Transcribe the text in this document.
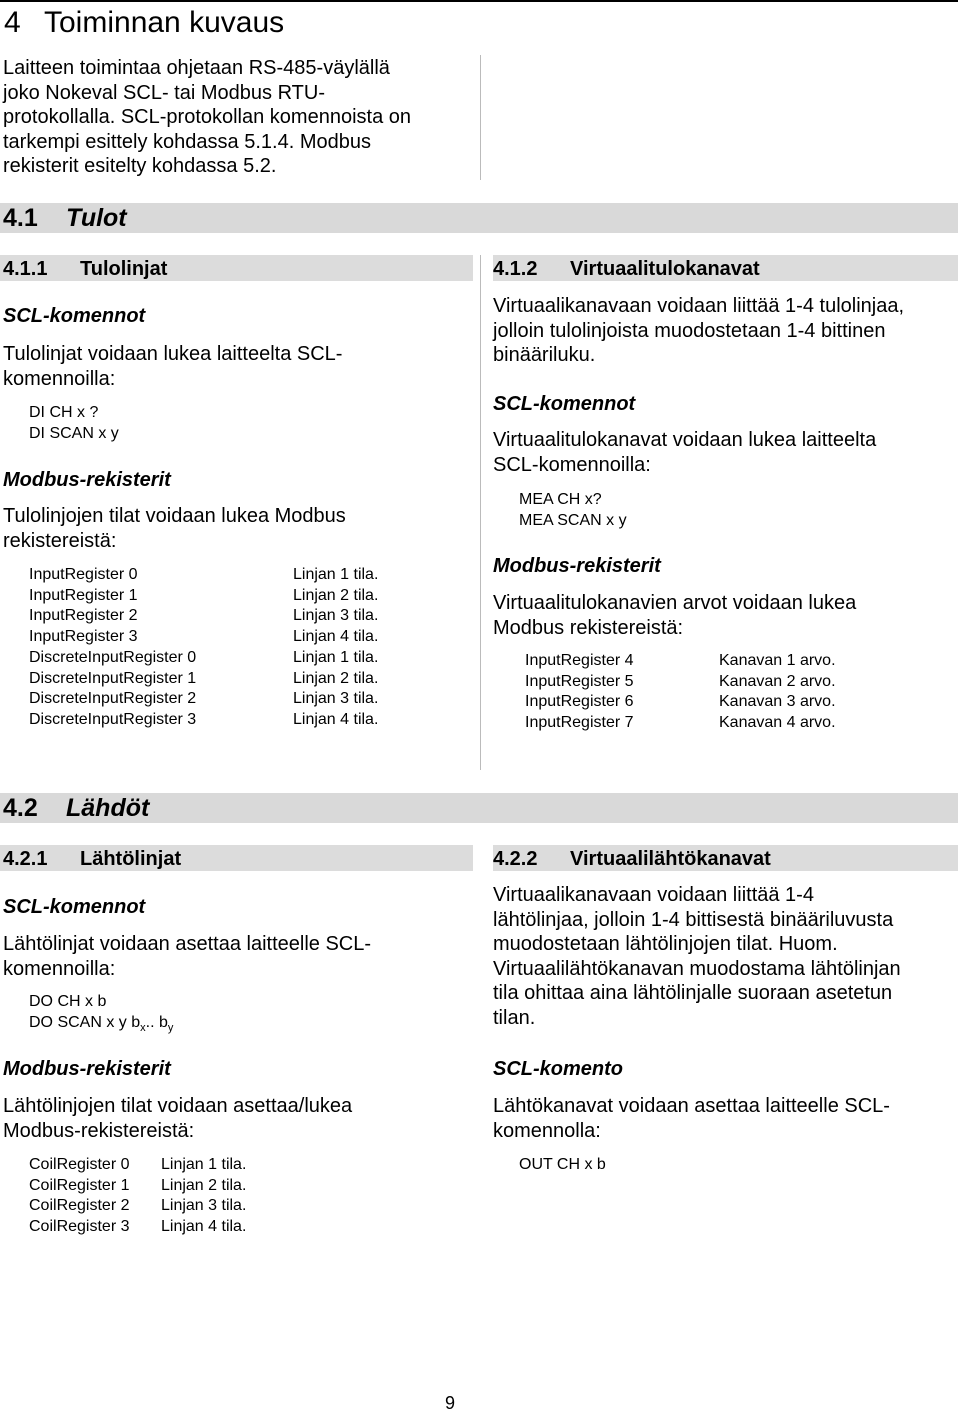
4 Toiminnan kuvaus
Laitteen toimintaa ohjetaan RS-485-väylällä
joko Nokeval SCL- tai Modbus RTU-
protokollalla. SCL-protokollan komennoista on
tarkempi esittely kohdassa 5.1.4. Modbus
rekisterit esitelty kohdassa 5.2.
4.1 Tulot
4.1.1 Tulolinjat
SCL-komennot
Tulolinjat voidaan lukea laitteelta SCL-
komennoilla:
DI CH x ?
DI SCAN x y
Modbus-rekisterit
Tulolinjojen tilat voidaan lukea Modbus
rekistereistä:
InputRegister 0	Linjan 1 tila.
InputRegister 1	Linjan 2 tila.
InputRegister 2	Linjan 3 tila.
InputRegister 3	Linjan 4 tila.
DiscreteInputRegister 0	Linjan 1 tila.
DiscreteInputRegister 1	Linjan 2 tila.
DiscreteInputRegister 2	Linjan 3 tila.
DiscreteInputRegister 3	Linjan 4 tila.
4.1.2 Virtuaalitulokanavat
Virtuaalikanavaan voidaan liittää 1-4 tulolinjaa,
jolloin tulolinjoista muodostetaan 1-4 bittinen
binääriluku.
SCL-komennot
Virtuaalitulokanavat voidaan lukea laitteelta
SCL-komennoilla:
MEA CH x?
MEA SCAN x y
Modbus-rekisterit
Virtuaalitulokanavien arvot voidaan lukea
Modbus rekistereistä:
InputRegister 4	Kanavan 1 arvo.
InputRegister 5	Kanavan 2 arvo.
InputRegister 6	Kanavan 3 arvo.
InputRegister 7	Kanavan 4 arvo.
4.2 Lähdöt
4.2.1 Lähtölinjat
SCL-komennot
Lähtölinjat voidaan asettaa laitteelle SCL-
komennoilla:
DO CH x b
DO SCAN x y $b_x$.. $b_y$
Modbus-rekisterit
Lähtölinjojen tilat voidaan asettaa/lukea
Modbus-rekistereistä:
CoilRegister 0 Linjan 1 tila.
CoilRegister 1 Linjan 2 tila.
CoilRegister 2 Linjan 3 tila.
CoilRegister 3 Linjan 4 tila.
4.2.2 Virtuaalilähtökanavat
Virtuaalikanavaan voidaan liittää 1-4
lähtölinjaa, jolloin 1-4 bittisestä binääriluvusta
muodostetaan lähtölinjojen tilat. Huom.
Virtuaalilähtökanavan muodostama lähtölinjan
tila ohittaa aina lähtölinjalle suoraan asetetun
tilan.
SCL-komento
Lähtökanavat voidaan asettaa laitteelle SCL-
komennolla:
OUT CH x b
9
